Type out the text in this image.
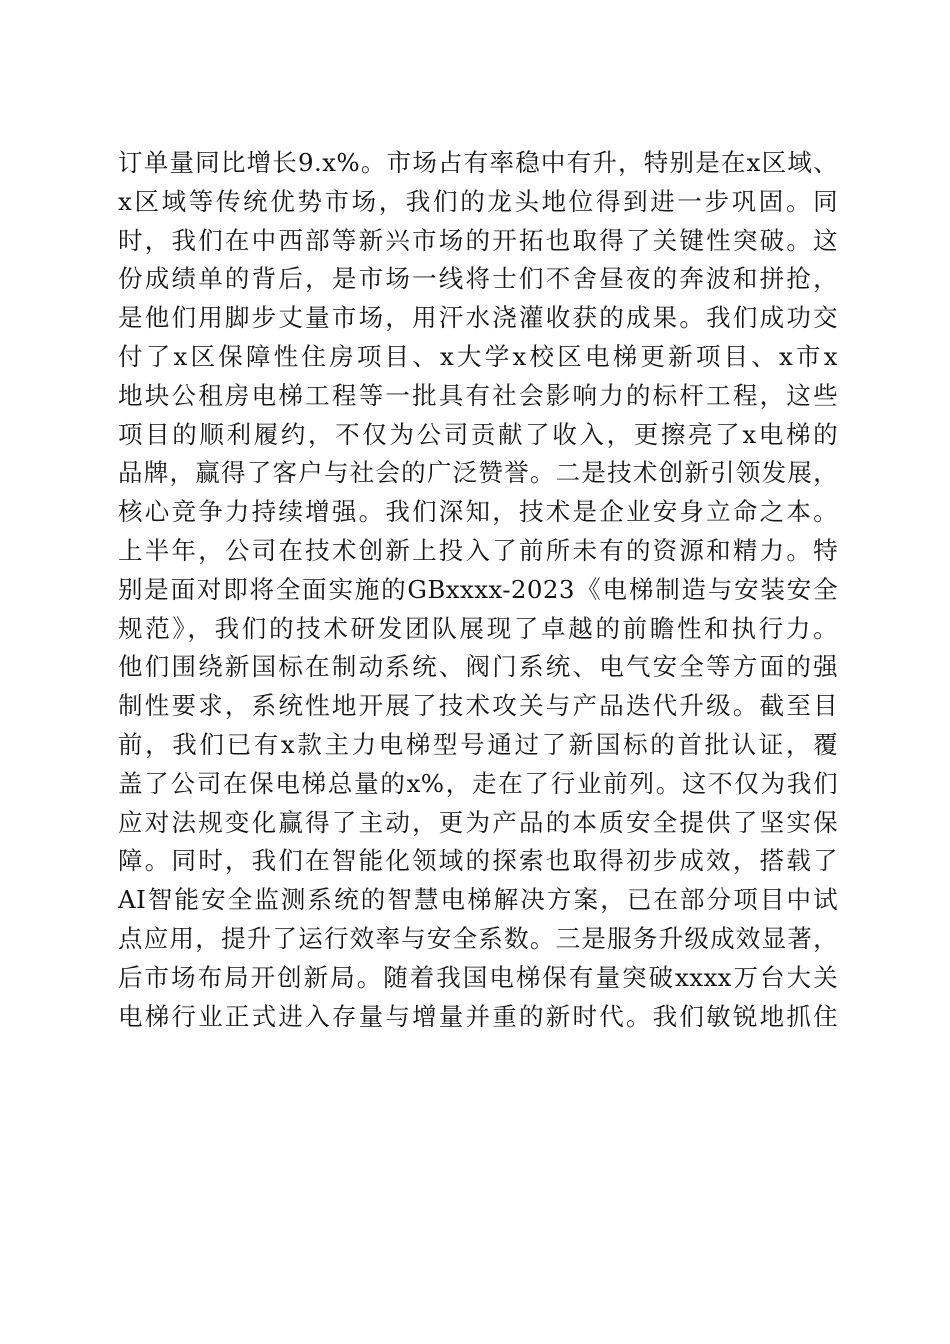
订单量同比增长9.x%。市场占有率稳中有升，特别是在x区域、
x区域等传统优势市场，我们的龙头地位得到进一步巩固。同
时，我们在中西部等新兴市场的开拓也取得了关键性突破。这
份成绩单的背后，是市场一线将士们不舍昼夜的奔波和拼抢，
是他们用脚步丈量市场，用汗水浇灌收获的成果。我们成功交
付了x区保障性住房项目、x大学x校区电梯更新项目、x市x
地块公租房电梯工程等一批具有社会影响力的标杆工程，这些
项目的顺利履约，不仅为公司贡献了收入，更擦亮了x电梯的
品牌，赢得了客户与社会的广泛赞誉。二是技术创新引领发展，
核心竞争力持续增强。我们深知，技术是企业安身立命之本。
上半年，公司在技术创新上投入了前所未有的资源和精力。特
别是面对即将全面实施的GBxxxx-2023《电梯制造与安装安全
规范》，我们的技术研发团队展现了卓越的前瞻性和执行力。
他们围绕新国标在制动系统、阀门系统、电气安全等方面的强
制性要求，系统性地开展了技术攻关与产品迭代升级。截至目
前，我们已有x款主力电梯型号通过了新国标的首批认证，覆
盖了公司在保电梯总量的x%，走在了行业前列。这不仅为我们
应对法规变化赢得了主动，更为产品的本质安全提供了坚实保
障。同时，我们在智能化领域的探索也取得初步成效，搭载了
AI智能安全监测系统的智慧电梯解决方案，已在部分项目中试
点应用，提升了运行效率与安全系数。三是服务升级成效显著，
后市场布局开创新局。随着我国电梯保有量突破xxxx万台大关
电梯行业正式进入存量与增量并重的新时代。我们敏锐地抓住
